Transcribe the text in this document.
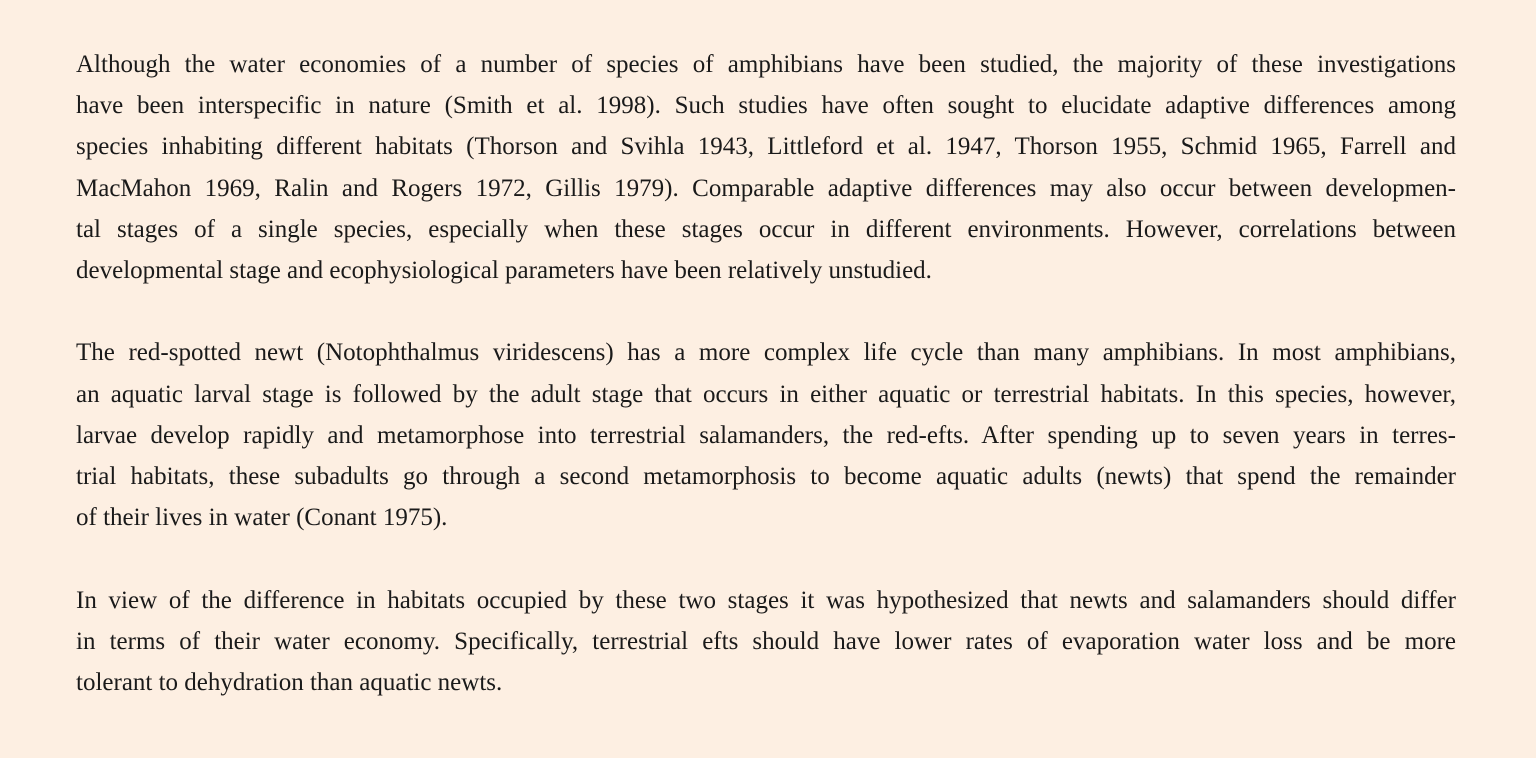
Although the water economies of a number of species of amphibians have been studied, the majority of these investigations
have been interspecific in nature (Smith et al. 1998). Such studies have often sought to elucidate adaptive differences among
species inhabiting different habitats (Thorson and Svihla 1943, Littleford et al. 1947, Thorson 1955, Schmid 1965, Farrell and
MacMahon 1969, Ralin and Rogers 1972, Gillis 1979). Comparable adaptive differences may also occur between developmen-
tal stages of a single species, especially when these stages occur in different environments. However, correlations between
developmental stage and ecophysiological parameters have been relatively unstudied.

The red-spotted newt (Notophthalmus viridescens) has a more complex life cycle than many amphibians. In most amphibians,
an aquatic larval stage is followed by the adult stage that occurs in either aquatic or terrestrial habitats. In this species, however,
larvae develop rapidly and metamorphose into terrestrial salamanders, the red-efts. After spending up to seven years in terres-
trial habitats, these subadults go through a second metamorphosis to become aquatic adults (newts) that spend the remainder
of their lives in water (Conant 1975).

In view of the difference in habitats occupied by these two stages it was hypothesized that newts and salamanders should differ
in terms of their water economy. Specifically, terrestrial efts should have lower rates of evaporation water loss and be more
tolerant to dehydration than aquatic newts.
